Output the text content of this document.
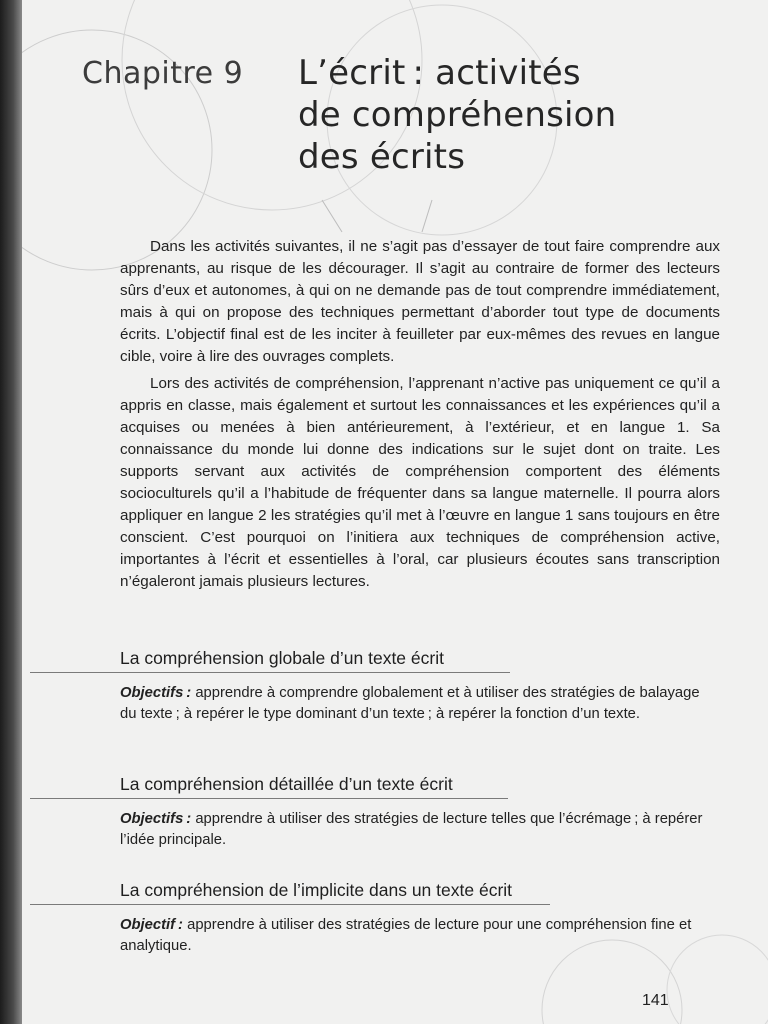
Chapitre 9 L’écrit : activités
de compréhension
des écrits

Dans les activités suivantes, il ne s’agit pas d’essayer de tout faire comprendre aux apprenants, au risque de les décourager. Il s’agit au contraire de former des lecteurs sûrs d’eux et autonomes, à qui on ne demande pas de tout comprendre immédiatement, mais à qui on propose des techniques permettant d’aborder tout type de documents écrits. L’objectif final est de les inciter à feuilleter par eux-mêmes des revues en langue cible, voire à lire des ouvrages complets.

Lors des activités de compréhension, l’apprenant n’active pas uniquement ce qu’il a appris en classe, mais également et surtout les connaissances et les expériences qu’il a acquises ou menées à bien antérieurement, à l’extérieur, et en langue 1. Sa connaissance du monde lui donne des indications sur le sujet dont on traite. Les supports servant aux activités de compréhension comportent des éléments socioculturels qu’il a l’habitude de fréquenter dans sa langue maternelle. Il pourra alors appliquer en langue 2 les stratégies qu’il met à l’œuvre en langue 1 sans toujours en être conscient. C’est pourquoi on l’initiera aux techniques de compréhension active, importantes à l’écrit et essentielles à l’oral, car plusieurs écoutes sans transcription n’égaleront jamais plusieurs lectures.

La compréhension globale d’un texte écrit

Objectifs : apprendre à comprendre globalement et à utiliser des stratégies de balayage du texte ; à repérer le type dominant d’un texte ; à repérer la fonction d’un texte.

La compréhension détaillée d’un texte écrit

Objectifs : apprendre à utiliser des stratégies de lecture telles que l’écrémage ; à repérer l’idée principale.

La compréhension de l’implicite dans un texte écrit

Objectif : apprendre à utiliser des stratégies de lecture pour une compréhension fine et analytique.

141
